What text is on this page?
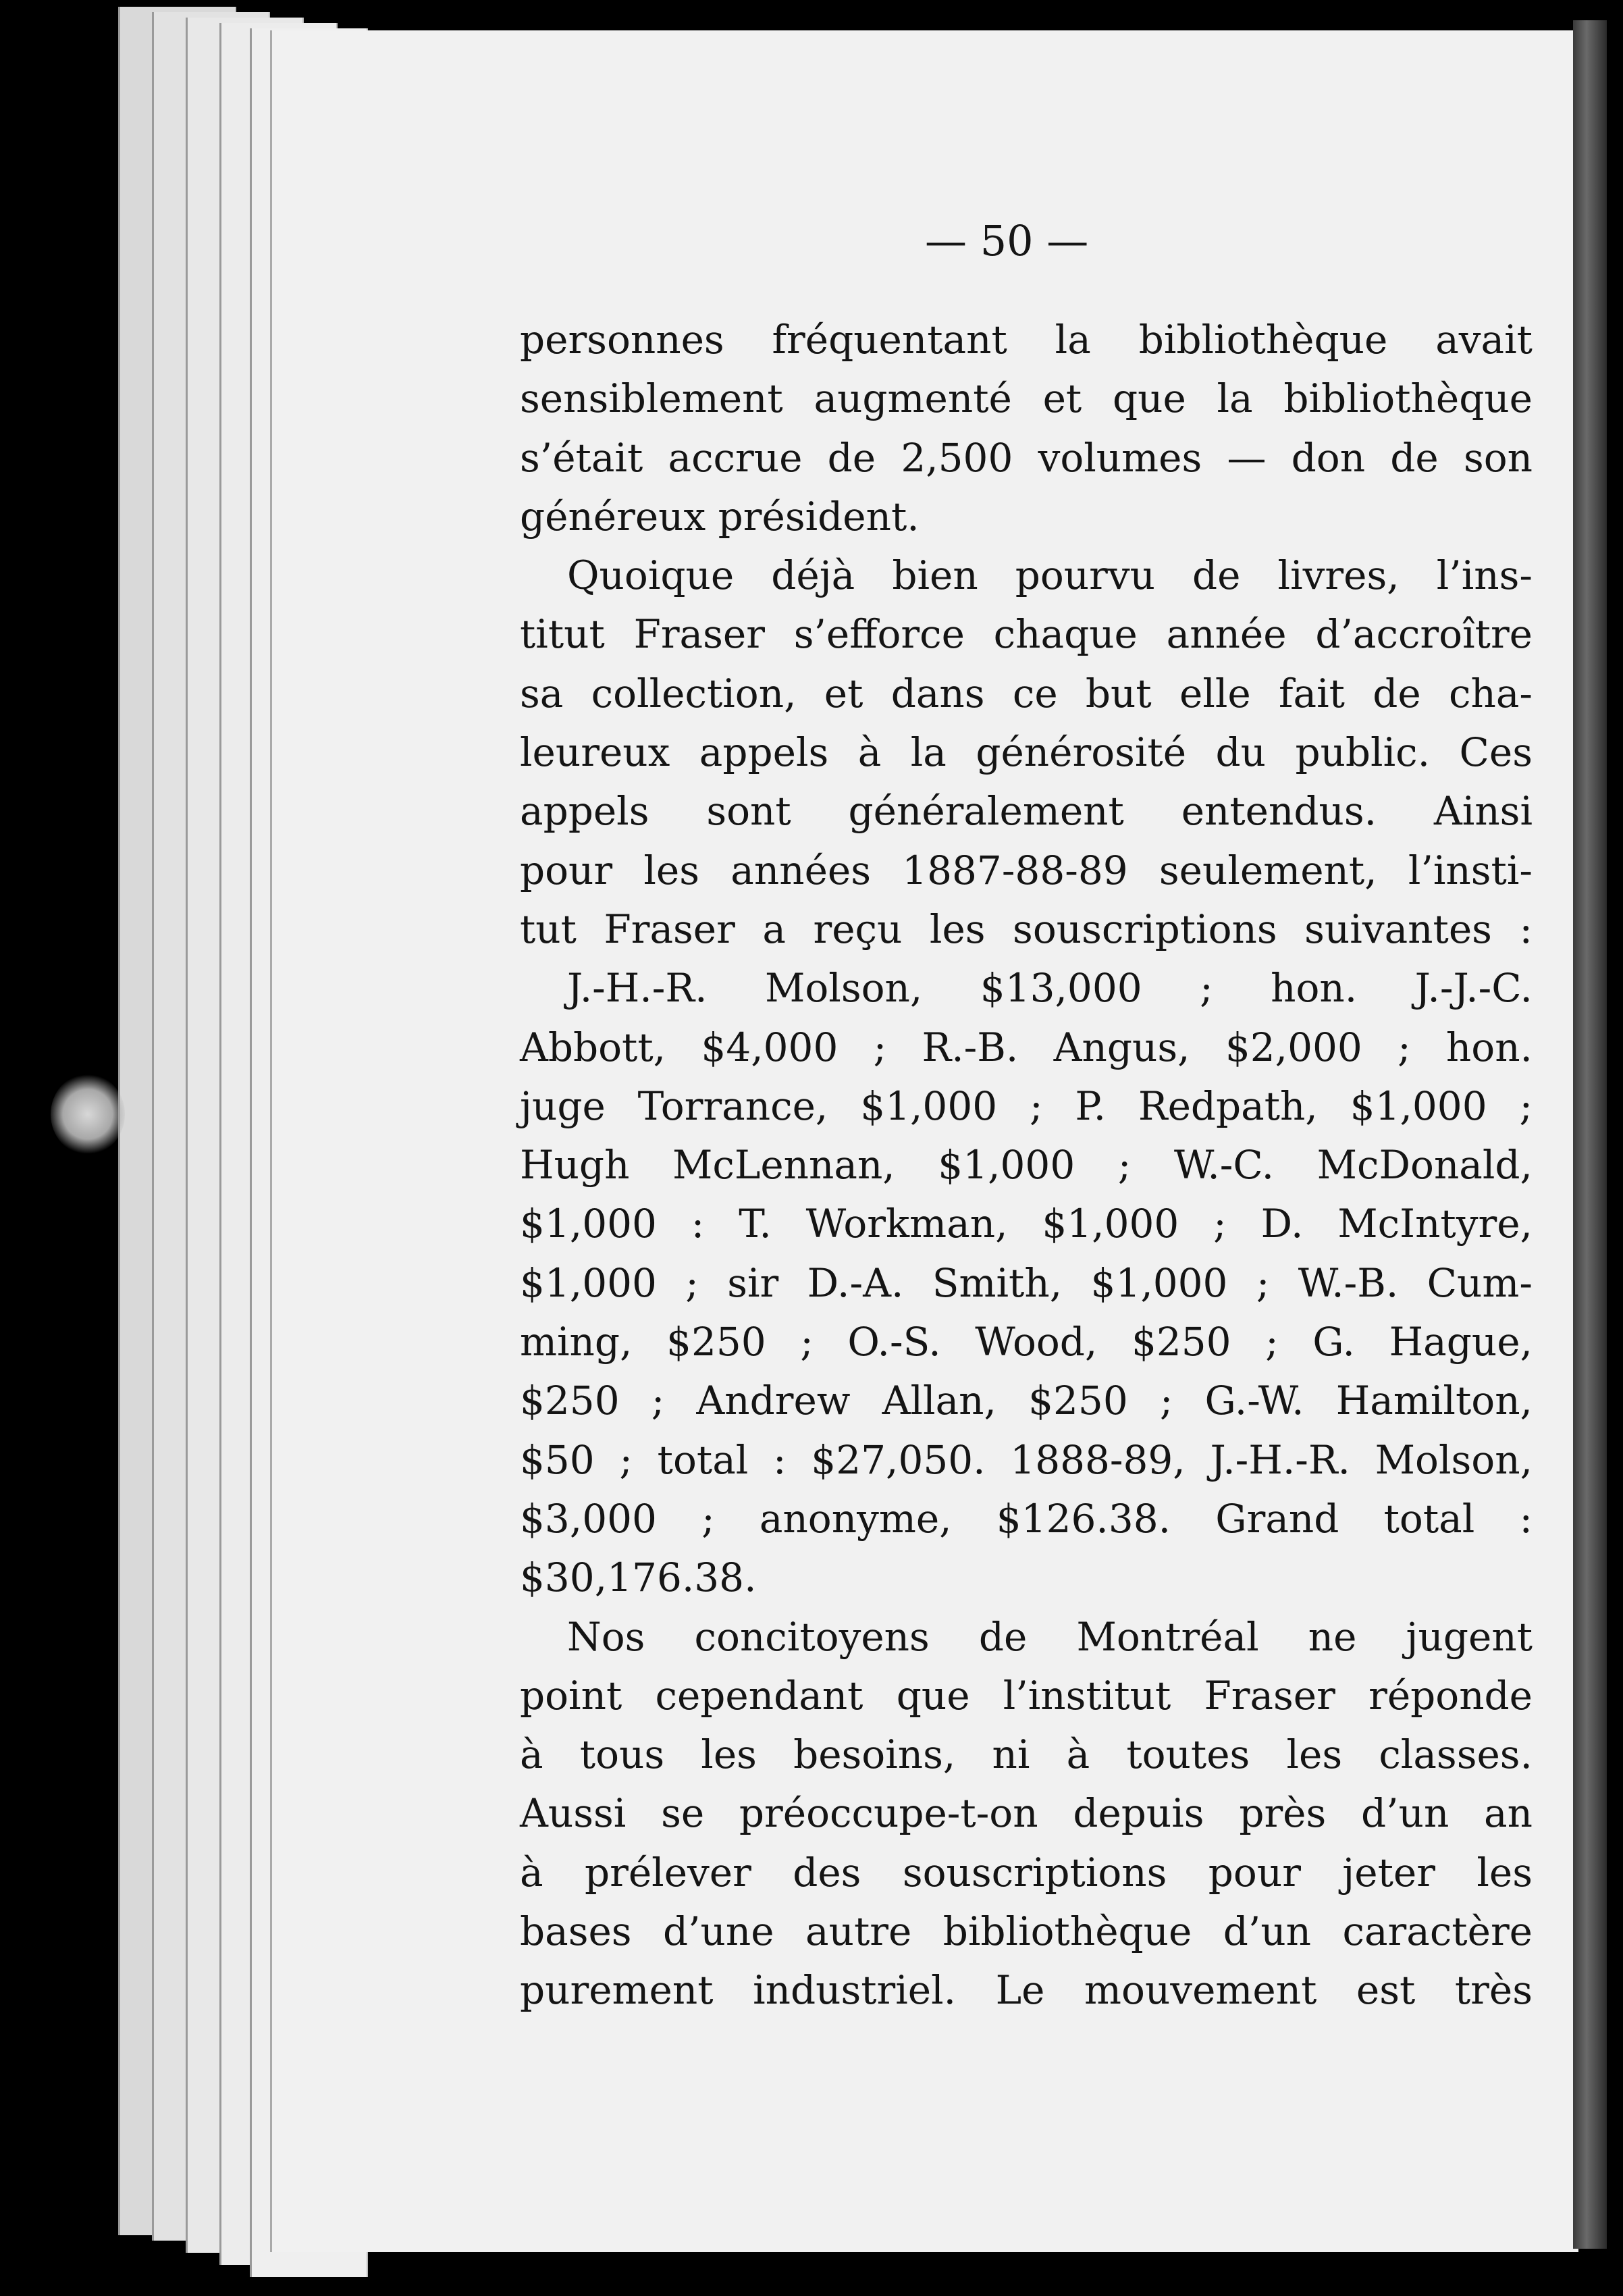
— 50 —
personnes fréquentant la bibliothèque avait
sensiblement augmenté et que la bibliothèque
s’était accrue de 2,500 volumes — don de son
généreux président.
Quoique déjà bien pourvu de livres, l’ins-
titut Fraser s’efforce chaque année d’accroître
sa collection, et dans ce but elle fait de cha-
leureux appels à la générosité du public. Ces
appels sont généralement entendus. Ainsi
pour les années 1887-88-89 seulement, l’insti-
tut Fraser a reçu les souscriptions suivantes :
J.-H.-R. Molson, $13,000 ; hon. J.-J.-C.
Abbott, $4,000 ; R.-B. Angus, $2,000 ; hon.
juge Torrance, $1,000 ; P. Redpath, $1,000 ;
Hugh McLennan, $1,000 ; W.-C. McDonald,
$1,000 : T. Workman, $1,000 ; D. McIntyre,
$1,000 ; sir D.-A. Smith, $1,000 ; W.-B. Cum-
ming, $250 ; O.-S. Wood, $250 ; G. Hague,
$250 ; Andrew Allan, $250 ; G.-W. Hamilton,
$50 ; total : $27,050. 1888-89, J.-H.-R. Molson,
$3,000 ; anonyme, $126.38. Grand total :
$30,176.38.
Nos concitoyens de Montréal ne jugent
point cependant que l’institut Fraser réponde
à tous les besoins, ni à toutes les classes.
Aussi se préoccupe-t-on depuis près d’un an
à prélever des souscriptions pour jeter les
bases d’une autre bibliothèque d’un caractère
purement industriel. Le mouvement est très
